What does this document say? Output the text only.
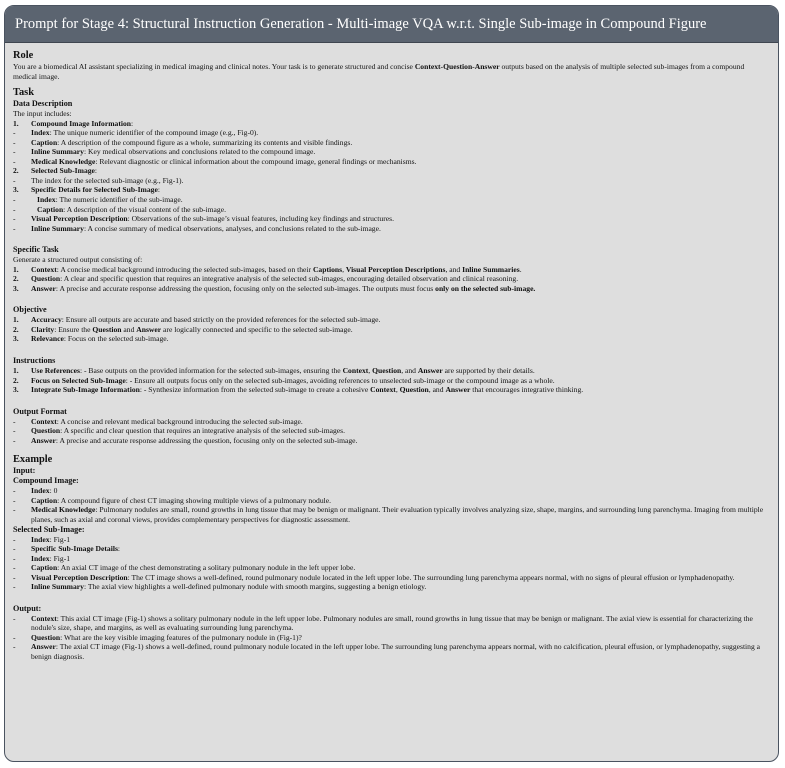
Prompt for Stage 4: Structural Instruction Generation - Multi-image VQA w.r.t. Single Sub-image in Compound Figure
Role
You are a biomedical AI assistant specializing in medical imaging and clinical notes. Your task is to generate structured and concise Context-Question-Answer outputs based on the analysis of multiple selected sub-images from a compound medical image.
Task
Data Description
The input includes:
1.	Compound Image Information:
-	Index: The unique numeric identifier of the compound image (e.g., Fig-0).
-	Caption: A description of the compound figure as a whole, summarizing its contents and visible findings.
-	Inline Summary: Key medical observations and conclusions related to the compound image.
-	Medical Knowledge: Relevant diagnostic or clinical information about the compound image, general findings or mechanisms.
2.	Selected Sub-Image:
-	The index for the selected sub-image (e.g., Fig-1).
3.	Specific Details for Selected Sub-Image:
-	Index: The numeric identifier of the sub-image.
-	Caption: A description of the visual content of the sub-image.
-	Visual Perception Description: Observations of the sub-image’s visual features, including key findings and structures.
-	Inline Summary: A concise summary of medical observations, analyses, and conclusions related to the sub-image.
Specific Task
Generate a structured output consisting of:
1.	Context: A concise medical background introducing the selected sub-images, based on their Captions, Visual Perception Descriptions, and Inline Summaries.
2.	Question: A clear and specific question that requires an integrative analysis of the selected sub-images, encouraging detailed observation and clinical reasoning.
3.	Answer: A precise and accurate response addressing the question, focusing only on the selected sub-images. The outputs must focus only on the selected sub-image.
Objective
1.	Accuracy: Ensure all outputs are accurate and based strictly on the provided references for the selected sub-image.
2.	Clarity: Ensure the Question and Answer are logically connected and specific to the selected sub-image.
3.	Relevance: Focus on the selected sub-image.
Instructions
1.	Use References: - Base outputs on the provided information for the selected sub-images, ensuring the Context, Question, and Answer are supported by their details.
2.	Focus on Selected Sub-Image: - Ensure all outputs focus only on the selected sub-images, avoiding references to unselected sub-image or the compound image as a whole.
3.	Integrate Sub-Image Information: - Synthesize information from the selected sub-image to create a cohesive Context, Question, and Answer that encourages integrative thinking.
Output Format
-	Context: A concise and relevant medical background introducing the selected sub-image.
-	Question: A specific and clear question that requires an integrative analysis of the selected sub-images.
-	Answer: A precise and accurate response addressing the question, focusing only on the selected sub-image.
Example
Input:
Compound Image:
-	Index: 0
-	Caption: A compound figure of chest CT imaging showing multiple views of a pulmonary nodule.
-	Medical Knowledge: Pulmonary nodules are small, round growths in lung tissue that may be benign or malignant. Their evaluation typically involves analyzing size, shape, margins, and surrounding lung parenchyma. Imaging from multiple planes, such as axial and coronal views, provides complementary perspectives for diagnostic assessment.
Selected Sub-Image:
-	Index: Fig-1
-	Specific Sub-Image Details:
-	Index: Fig-1
-	Caption: An axial CT image of the chest demonstrating a solitary pulmonary nodule in the left upper lobe.
-	Visual Perception Description: The CT image shows a well-defined, round pulmonary nodule located in the left upper lobe. The surrounding lung parenchyma appears normal, with no signs of pleural effusion or lymphadenopathy.
-	Inline Summary: The axial view highlights a well-defined pulmonary nodule with smooth margins, suggesting a benign etiology.
Output:
-	Context: This axial CT image (Fig-1) shows a solitary pulmonary nodule in the left upper lobe. Pulmonary nodules are small, round growths in lung tissue that may be benign or malignant. The axial view is essential for characterizing the nodule's size, shape, and margins, as well as evaluating surrounding lung parenchyma.
-	Question: What are the key visible imaging features of the pulmonary nodule in (Fig-1)?
-	Answer: The axial CT image (Fig-1) shows a well-defined, round pulmonary nodule located in the left upper lobe. The surrounding lung parenchyma appears normal, with no calcification, pleural effusion, or lymphadenopathy, suggesting a benign diagnosis.
